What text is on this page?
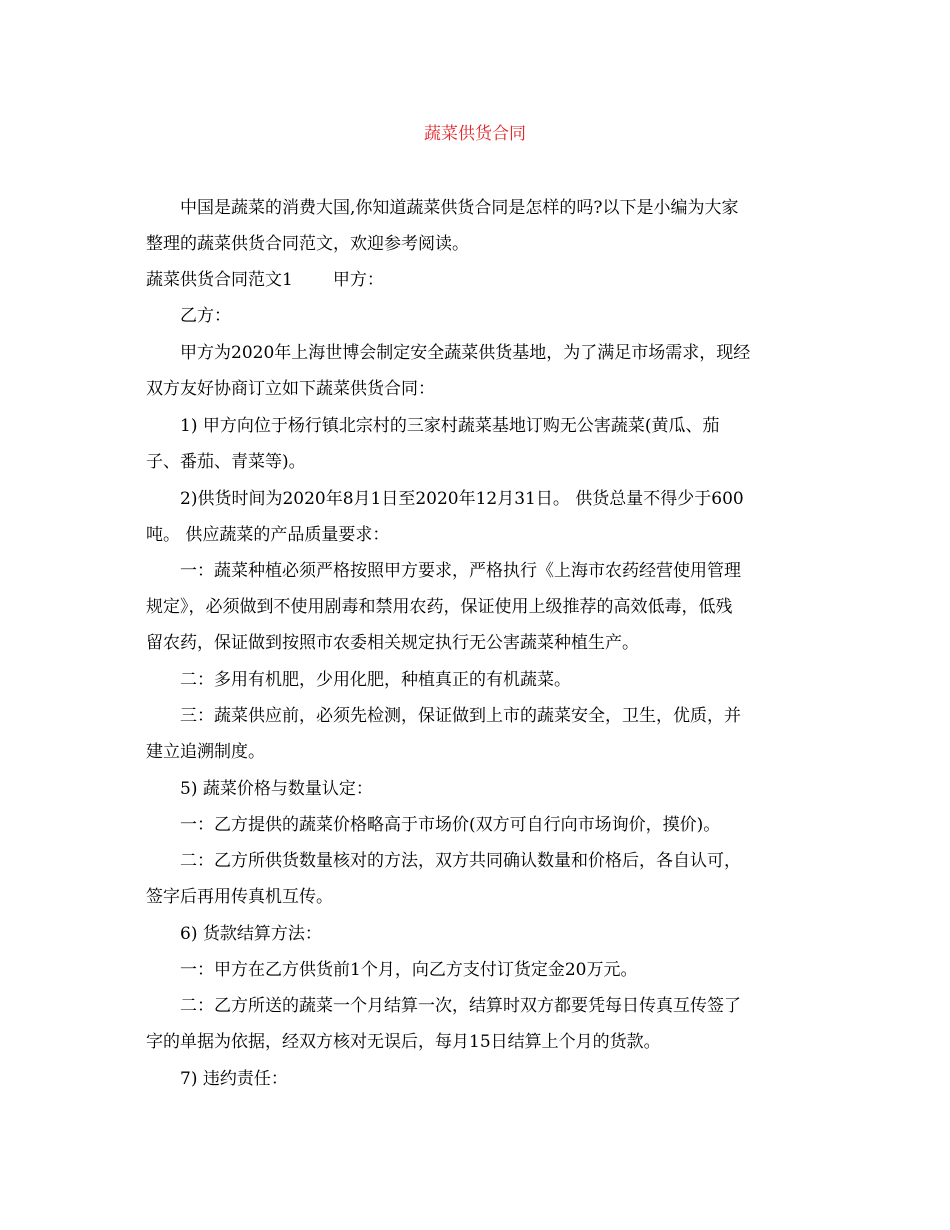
蔬菜供货合同
中国是蔬菜的消费大国,你知道蔬菜供货合同是怎样的吗?以下是小编为大家
整理的蔬菜供货合同范文，欢迎参考阅读。
蔬菜供货合同范文1 甲方：
乙方：
甲方为2020年上海世博会制定安全蔬菜供货基地，为了满足市场需求，现经
双方友好协商订立如下蔬菜供货合同：
1) 甲方向位于杨行镇北宗村的三家村蔬菜基地订购无公害蔬菜(黄瓜、茄
子、番茄、青菜等)。
2)供货时间为2020年8月1日至2020年12月31日。 供货总量不得少于600
吨。 供应蔬菜的产品质量要求：
一：蔬菜种植必须严格按照甲方要求，严格执行《上海市农药经营使用管理
规定》，必须做到不使用剧毒和禁用农药，保证使用上级推荐的高效低毒，低残
留农药，保证做到按照市农委相关规定执行无公害蔬菜种植生产。
二：多用有机肥，少用化肥，种植真正的有机蔬菜。
三：蔬菜供应前，必须先检测，保证做到上市的蔬菜安全，卫生，优质，并
建立追溯制度。
5) 蔬菜价格与数量认定：
一：乙方提供的蔬菜价格略高于市场价(双方可自行向市场询价，摸价)。
二：乙方所供货数量核对的方法，双方共同确认数量和价格后，各自认可，
签字后再用传真机互传。
6) 货款结算方法：
一：甲方在乙方供货前1个月，向乙方支付订货定金20万元。
二：乙方所送的蔬菜一个月结算一次，结算时双方都要凭每日传真互传签了
字的单据为依据，经双方核对无误后，每月15日结算上个月的货款。
7) 违约责任：
